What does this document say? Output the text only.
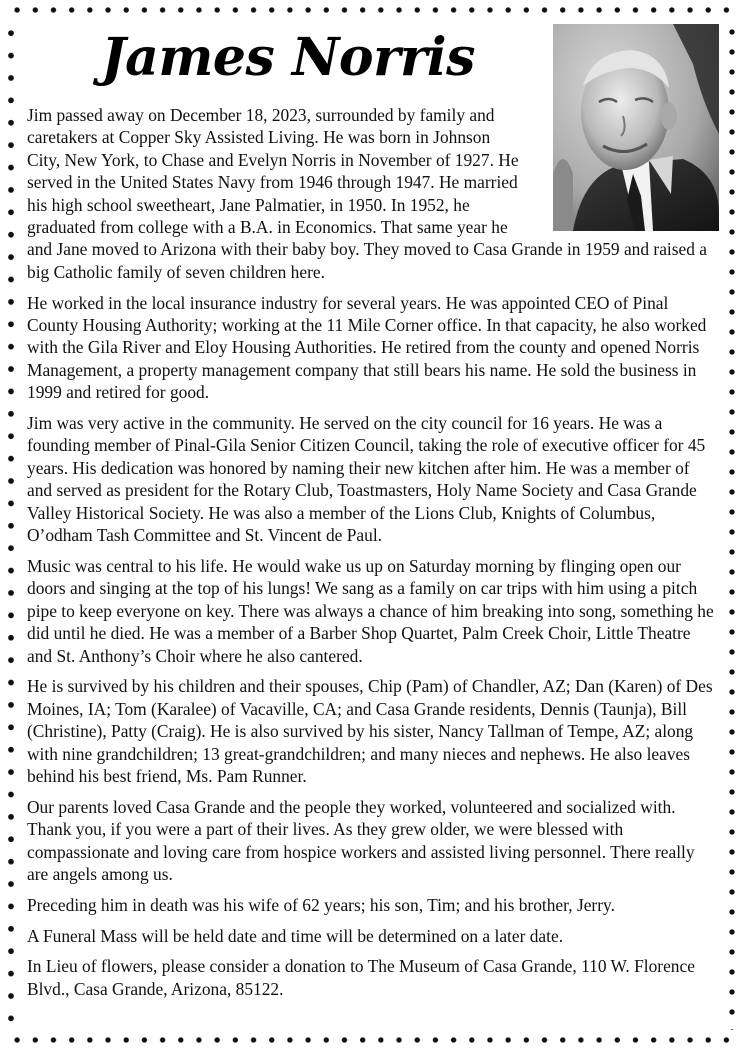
James Norris

Jim passed away on December 18, 2023, surrounded by family and caretakers at Copper Sky Assisted Living. He was born in Johnson City, New York, to Chase and Evelyn Norris in November of 1927. He served in the United States Navy from 1946 through 1947. He married his high school sweetheart, Jane Palmatier, in 1950. In 1952, he graduated from college with a B.A. in Economics. That same year he and Jane moved to Arizona with their baby boy. They moved to Casa Grande in 1959 and raised a big Catholic family of seven children here.

He worked in the local insurance industry for several years. He was appointed CEO of Pinal County Housing Authority; working at the 11 Mile Corner office. In that capacity, he also worked with the Gila River and Eloy Housing Authorities. He retired from the county and opened Norris Management, a property management company that still bears his name. He sold the business in 1999 and retired for good.

Jim was very active in the community. He served on the city council for 16 years. He was a founding member of Pinal-Gila Senior Citizen Council, taking the role of executive officer for 45 years. His dedication was honored by naming their new kitchen after him. He was a member of and served as president for the Rotary Club, Toastmasters, Holy Name Society and Casa Grande Valley Historical Society. He was also a member of the Lions Club, Knights of Columbus, O’odham Tash Committee and St. Vincent de Paul.

Music was central to his life. He would wake us up on Saturday morning by flinging open our doors and singing at the top of his lungs! We sang as a family on car trips with him using a pitch pipe to keep everyone on key. There was always a chance of him breaking into song, something he did until he died. He was a member of a Barber Shop Quartet, Palm Creek Choir, Little Theatre and St. Anthony’s Choir where he also cantered.

He is survived by his children and their spouses, Chip (Pam) of Chandler, AZ; Dan (Karen) of Des Moines, IA; Tom (Karalee) of Vacaville, CA; and Casa Grande residents, Dennis (Taunja), Bill (Christine), Patty (Craig). He is also survived by his sister, Nancy Tallman of Tempe, AZ; along with nine grandchildren; 13 great-grandchildren; and many nieces and nephews. He also leaves behind his best friend, Ms. Pam Runner.

Our parents loved Casa Grande and the people they worked, volunteered and socialized with. Thank you, if you were a part of their lives. As they grew older, we were blessed with compassionate and loving care from hospice workers and assisted living personnel. There really are angels among us.

Preceding him in death was his wife of 62 years; his son, Tim; and his brother, Jerry.

A Funeral Mass will be held date and time will be determined on a later date.

In Lieu of flowers, please consider a donation to The Museum of Casa Grande, 110 W. Florence Blvd., Casa Grande, Arizona, 85122.
